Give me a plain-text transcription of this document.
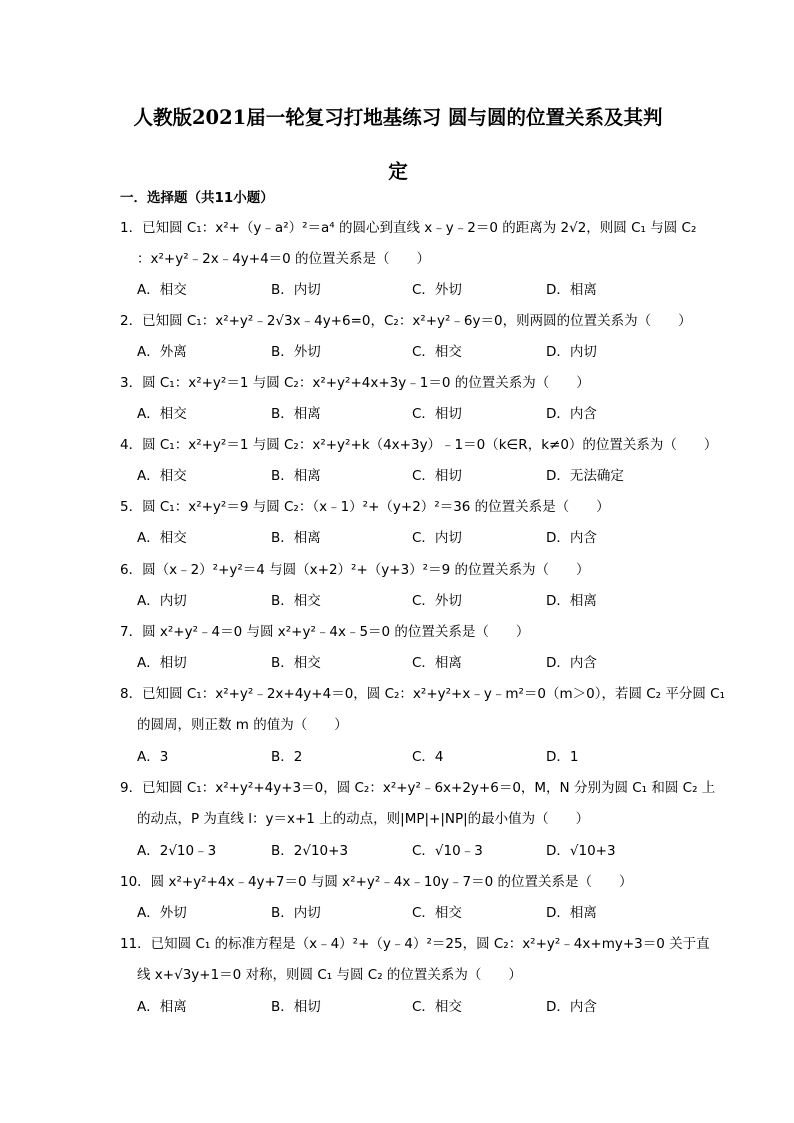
人教版2021届一轮复习打地基练习 圆与圆的位置关系及其判
定
一．选择题（共11小题）
1．已知圆 C₁：x²+（y﹣a²）²＝a⁴ 的圆心到直线 x﹣y﹣2＝0 的距离为 2√2，则圆 C₁ 与圆 C₂
：x²+y²﹣2x﹣4y+4＝0 的位置关系是（　　）
A．相交	B．内切	C．外切	D．相离
2．已知圆 C₁：x²+y²﹣2√3x﹣4y+6=0，C₂：x²+y²﹣6y＝0，则两圆的位置关系为（　　）
A．外离	B．外切	C．相交	D．内切
3．圆 C₁：x²+y²＝1 与圆 C₂：x²+y²+4x+3y﹣1＝0 的位置关系为（　　）
A．相交	B．相离	C．相切	D．内含
4．圆 C₁：x²+y²＝1 与圆 C₂：x²+y²+k（4x+3y）﹣1＝0（k∈R，k≠0）的位置关系为（　　）
A．相交	B．相离	C．相切	D．无法确定
5．圆 C₁：x²+y²＝9 与圆 C₂：（x﹣1）²+（y+2）²＝36 的位置关系是（　　）
A．相交	B．相离	C．内切	D．内含
6．圆（x﹣2）²+y²＝4 与圆（x+2）²+（y+3）²＝9 的位置关系为（　　）
A．内切	B．相交	C．外切	D．相离
7．圆 x²+y²﹣4＝0 与圆 x²+y²﹣4x﹣5＝0 的位置关系是（　　）
A．相切	B．相交	C．相离	D．内含
8．已知圆 C₁：x²+y²﹣2x+4y+4＝0，圆 C₂：x²+y²+x﹣y﹣m²＝0（m＞0），若圆 C₂ 平分圆 C₁
的圆周，则正数 m 的值为（　　）
A．3	B．2	C．4	D．1
9．已知圆 C₁：x²+y²+4y+3＝0，圆 C₂：x²+y²﹣6x+2y+6＝0，M，N 分别为圆 C₁ 和圆 C₂ 上
的动点，P 为直线 l：y＝x+1 上的动点，则|MP|+|NP|的最小值为（　　）
A．2√10﹣3	B．2√10+3	C．√10﹣3	D．√10+3
10．圆 x²+y²+4x﹣4y+7＝0 与圆 x²+y²﹣4x﹣10y﹣7＝0 的位置关系是（　　）
A．外切	B．内切	C．相交	D．相离
11．已知圆 C₁ 的标准方程是（x﹣4）²+（y﹣4）²＝25，圆 C₂：x²+y²﹣4x+my+3＝0 关于直
线 x+√3y+1＝0 对称，则圆 C₁ 与圆 C₂ 的位置关系为（　　）
A．相离	B．相切	C．相交	D．内含
